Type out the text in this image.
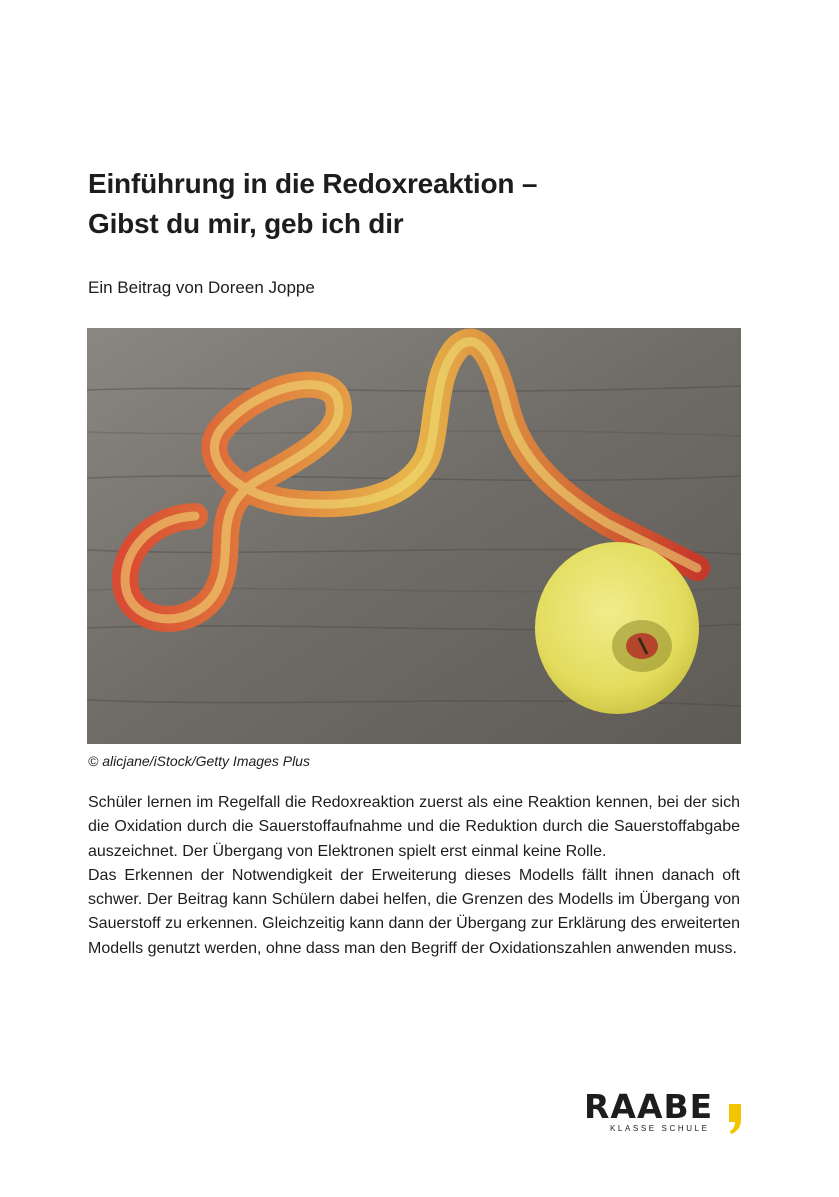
Einführung in die Redoxreaktion –
Gibst du mir, geb ich dir

Ein Beitrag von Doreen Joppe

© alicjane/iStock/Getty Images Plus

Schüler lernen im Regelfall die Redoxreaktion zuerst als eine Reaktion kennen, bei der sich die Oxidation durch die Sauerstoffaufnahme und die Reduktion durch die Sauerstoffabgabe auszeichnet. Der Übergang von Elektronen spielt erst einmal keine Rolle.

Das Erkennen der Notwendigkeit der Erweiterung dieses Modells fällt ihnen danach oft schwer. Der Beitrag kann Schülern dabei helfen, die Grenzen des Modells im Übergang von Sauerstoff zu erkennen. Gleichzeitig kann dann der Übergang zur Erklärung des erweiterten Modells genutzt werden, ohne dass man den Begriff der Oxidationszahlen anwenden muss.

RAABE
KLASSE SCHULE
